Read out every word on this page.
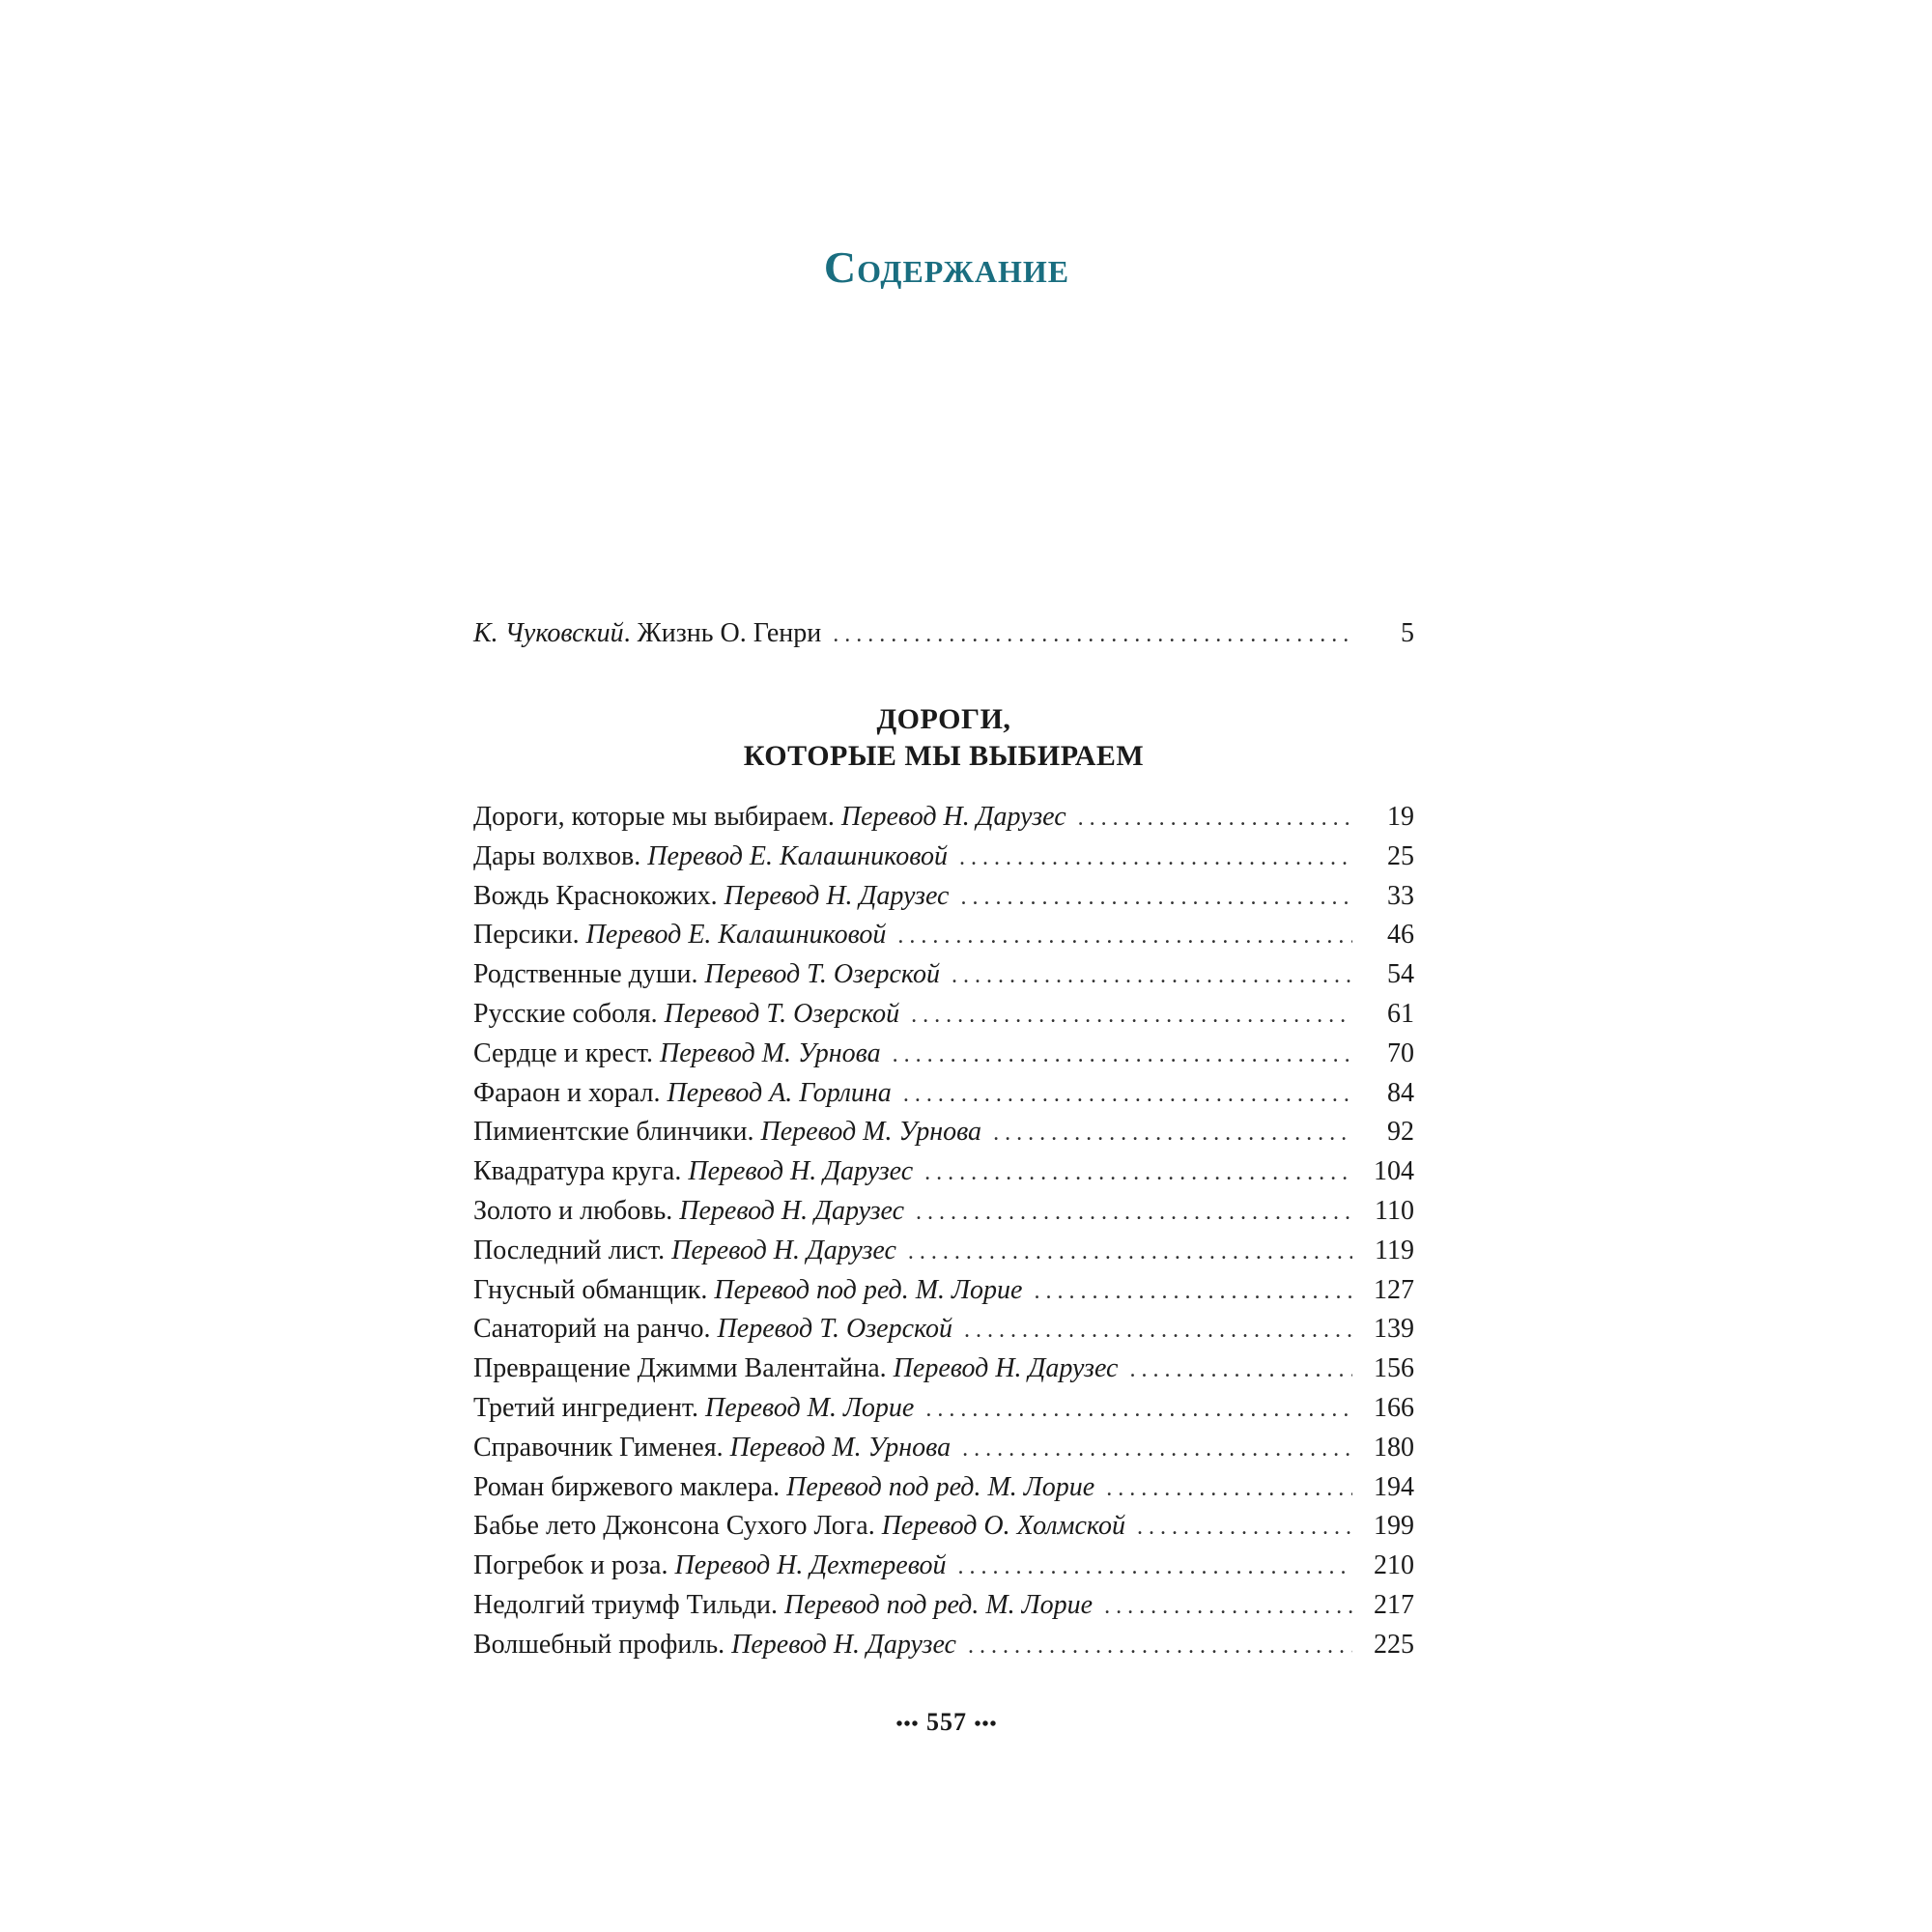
Содержание
К. Чуковский. Жизнь О. Генри . . .	5
ДОРОГИ,
КОТОРЫЕ МЫ ВЫБИРАЕМ
Дороги, которые мы выбираем. Перевод Н. Дарузес . . .	19
Дары волхвов. Перевод Е. Калашниковой . . .	25
Вождь Краснокожих. Перевод Н. Дарузес . . .	33
Персики. Перевод Е. Калашниковой . . .	46
Родственные души. Перевод Т. Озерской . . .	54
Русские соболя. Перевод Т. Озерской . . .	61
Сердце и крест. Перевод М. Урнова . . .	70
Фараон и хорал. Перевод А. Горлина . . .	84
Пимиентские блинчики. Перевод М. Урнова . . .	92
Квадратура круга. Перевод Н. Дарузес . . .	104
Золото и любовь. Перевод Н. Дарузес . . .	110
Последний лист. Перевод Н. Дарузес . . .	119
Гнусный обманщик. Перевод под ред. М. Лорие . . .	127
Санаторий на ранчо. Перевод Т. Озерской . . .	139
Превращение Джимми Валентайна. Перевод Н. Дарузес . . .	156
Третий ингредиент. Перевод М. Лорие . . .	166
Справочник Гименея. Перевод М. Урнова . . .	180
Роман биржевого маклера. Перевод под ред. М. Лорие . . .	194
Бабье лето Джонсона Сухого Лога. Перевод О. Холмской . . .	199
Погребок и роза. Перевод Н. Дехтеревой . . .	210
Недолгий триумф Тильди. Перевод под ред. М. Лорие . . .	217
Волшебный профиль. Перевод Н. Дарузес . . .	225
••• 557 •••
